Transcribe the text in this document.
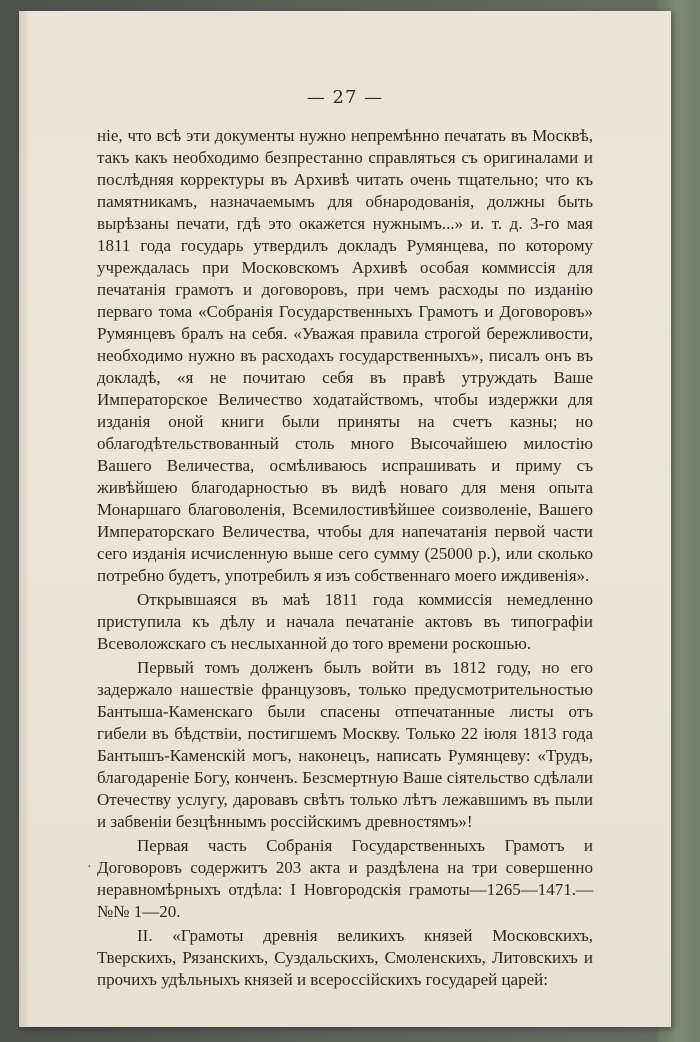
— 27 —

ніе, что всѣ эти документы нужно непремѣнно печатать въ Москвѣ, такъ какъ необходимо безпрестанно справляться съ оригиналами и послѣдняя корректуры въ Архивѣ читать очень тщательно; что къ памятникамъ, назначаемымъ для обнародованія, должны быть вырѣзаны печати, гдѣ это окажется нужнымъ...» и. т. д. 3-го мая 1811 года государь утвердилъ докладъ Румянцева, по которому учреждалась при Московскомъ Архивѣ особая коммиссія для печатанія грамотъ и договоровъ, при чемъ расходы по изданію перваго тома «Собранія Государственныхъ Грамотъ и Договоровъ» Румянцевъ бралъ на себя. «Уважая правила строгой бережливости, необходимо нужно въ расходахъ государственныхъ», писалъ онъ въ докладѣ, «я не почитаю себя въ правѣ утруждать Ваше Императорское Величество ходатайствомъ, чтобы издержки для изданія оной книги были приняты на счетъ казны; но облагодѣтельствованный столь много Высочайшею милостію Вашего Величества, осмѣливаюсь испрашивать и приму съ живѣйшею благодарностью въ видѣ новаго для меня опыта Монаршаго благоволенія, Всемилостивѣйшее соизволеніе, Вашего Императорскаго Величества, чтобы для напечатанія первой части сего изданія исчисленную выше сего сумму (25000 р.), или сколько потребно будетъ, употребилъ я изъ собственнаго моего иждивенія».

Открывшаяся въ маѣ 1811 года коммиссія немедленно приступила къ дѣлу и начала печатаніе актовъ въ типографіи Всеволожскаго съ неслыханной до того времени роскошью.

Первый томъ долженъ былъ войти въ 1812 году, но его задержало нашествіе французовъ, только предусмотрительностью Бантыша-Каменскаго были спасены отпечатанные листы отъ гибели въ бѣдствіи, постигшемъ Москву. Только 22 іюля 1813 года Бантышъ-Каменскій могъ, наконецъ, написать Румянцеву: «Трудъ, благодареніе Богу, конченъ. Безсмертную Ваше сіятельство сдѣлали Отечеству услугу, даровавъ свѣтъ только лѣтъ лежавшимъ въ пыли и забвеніи безцѣннымъ россійскимъ древностямъ»!

Первая часть Собранія Государственныхъ Грамотъ и Договоровъ содержитъ 203 акта и раздѣлена на три совершенно неравномѣрныхъ отдѣла: I Новгородскія грамоты—1265—1471.—№№ 1—20.

II. «Грамоты древнія великихъ князей Московскихъ, Тверскихъ, Рязанскихъ, Суздальскихъ, Смоленскихъ, Литовскихъ и прочихъ удѣльныхъ князей и всероссійскихъ государей царей:

·
